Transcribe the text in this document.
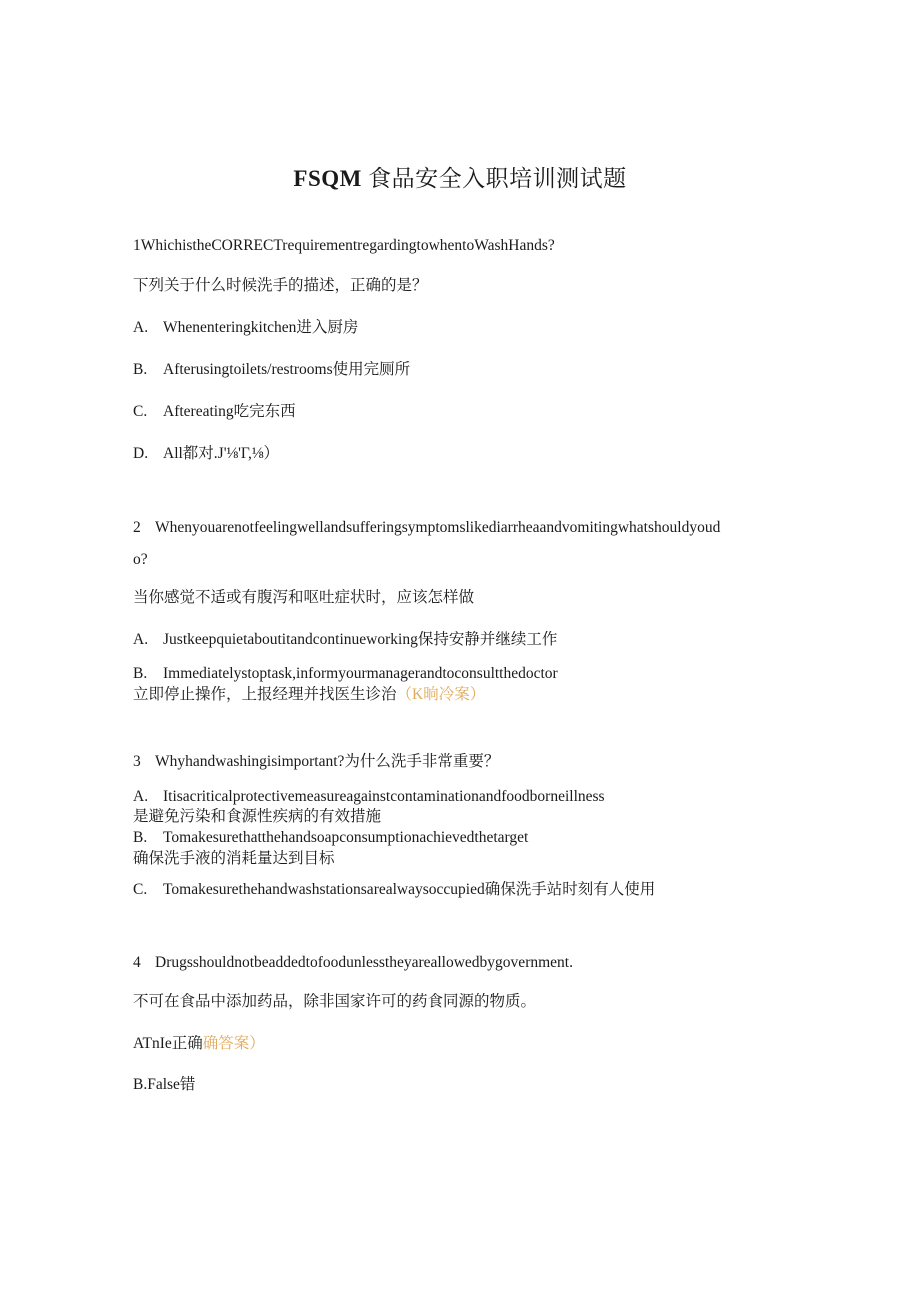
FSQM 食品安全入职培训测试题
1WhichistheCORRECTrequirementregardingtowhentoWashHands?
下列关于什么时候洗手的描述，正确的是？
A. Whenenteringkitchen进入厨房
B. Afterusingtoilets/restrooms使用完厕所
C. Aftereating吃完东西
D. All都对.J'⅛'Γ,⅛）
2 Whenyouarenotfeelingwellandsufferingsymptomslikediarrheaandvomitingwhatshouldyoud
o?
当你感觉不适或有腹泻和呕吐症状时，应该怎样做
A. Justkeepquietaboutitandcontinueworking保持安静并继续工作
B. Immediatelystoptask,informyourmanagerandtoconsultthedoctor
立即停止操作，上报经理并找医生诊治（K晌冷案）
3 Whyhandwashingisimportant?为什么洗手非常重要？
A. Itisacriticalprotectivemeasureagainstcontaminationandfoodborneillness
是避免污染和食源性疾病的有效措施
B. Tomakesurethatthehandsoapconsumptionachievedthetarget
确保洗手液的消耗量达到目标
C. Tomakesurethehandwashstationsarealwaysoccupied确保洗手站时刻有人使用
4 Drugsshouldnotbeaddedtofoodunlesstheyareallowedbygovernment.
不可在食品中添加药品，除非国家许可的药食同源的物质。
ATnIe正确确答案）
B.False错
